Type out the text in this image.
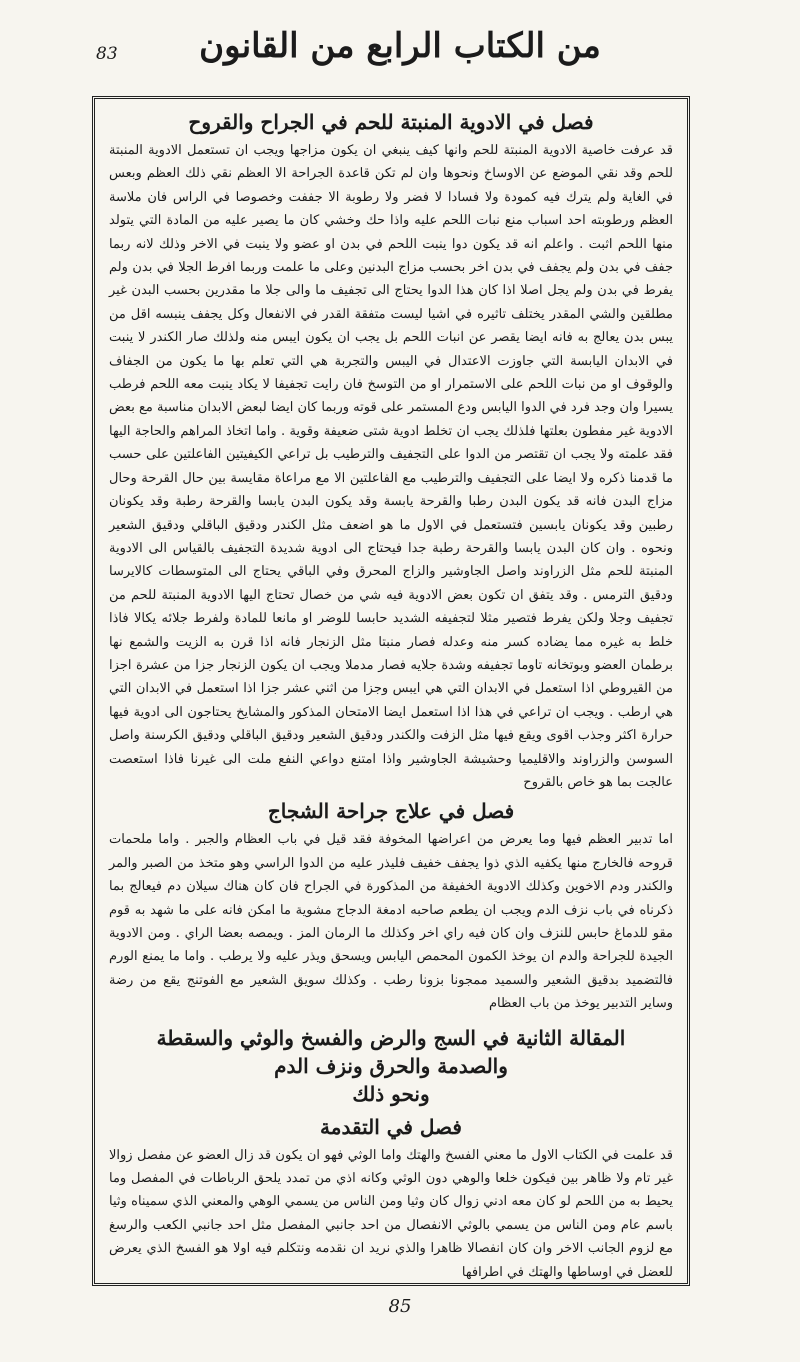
من الكتاب الرابع من القانون
83
فصل في الادوية المنبتة للحم في الجراح والقروح

قد عرفت خاصية الادوية المنبتة للحم وانها كيف ينبغي ان يكون مزاجها ويجب ان تستعمل الادوية المنبتة للحم وقد نقي الموضع عن الاوساخ ونحوها وان لم تكن قاعدة الجراحة الا العظم نقي ذلك العظم وبعس في الغاية ولم يترك فيه كمودة ولا فسادا لا فضر ولا رطوبة الا جففت وخصوصا في الراس فان ملاسة العظم ورطوبته احد اسباب منع نبات اللحم عليه واذا حك وخشي كان ما يصير عليه من المادة التي يتولد منها اللحم اثبت . واعلم انه قد يكون دوا ينبت اللحم في بدن او عضو ولا ينبت في الاخر وذلك لانه ربما جفف في بدن ولم يجفف في بدن اخر بحسب مزاج البدنين وعلى ما علمت وربما افرط الجلا في بدن ولم يفرط في بدن ولم يجل اصلا اذا كان هذا الدوا يحتاج الى تجفيف ما والى جلا ما مقدرين بحسب البدن غير مطلقين والشي المقدر يختلف تاثيره في اشيا ليست متفقة القدر في الانفعال وكل يجفف ينبسه اقل من يبس بدن يعالج به فانه ايضا يقصر عن انبات اللحم بل يجب ان يكون ايبس منه ولذلك صار الكندر لا ينبت في الابدان اليابسة التي جاوزت الاعتدال في اليبس والتجربة هي التي تعلم بها ما يكون من الجفاف والوقوف او من نبات اللحم على الاستمرار او من التوسخ فان رايت تجفيفا لا يكاد ينبت معه اللحم فرطب يسيرا وان وجد فرد في الدوا اليابس ودع المستمر على قوته وربما كان ايضا لبعض الابدان مناسبة مع بعض الادوية غير مفطون بعلتها فلذلك يجب ان تخلط ادوية شتى ضعيفة وقوية . واما اتخاذ المراهم والحاجة اليها فقد علمته ولا يجب ان تقتصر من الدوا على التجفيف والترطيب بل تراعي الكيفيتين الفاعلتين على حسب ما قدمنا ذكره ولا ايضا على التجفيف والترطيب مع الفاعلتين الا مع مراعاة مقايسة بين حال القرحة وحال مزاج البدن فانه قد يكون البدن رطبا والقرحة يابسة وقد يكون البدن يابسا والقرحة رطبة وقد يكونان رطبين وقد يكونان يابسين فتستعمل في الاول ما هو اضعف مثل الكندر ودقيق الباقلي ودقيق الشعير ونحوه . وان كان البدن يابسا والقرحة رطبة جدا فيحتاج الى ادوية شديدة التجفيف بالقياس الى الادوية المنبتة للحم مثل الزراوند واصل الجاوشير والزاج المحرق وفي الباقي يحتاج الى المتوسطات كالايرسا ودقيق الترمس . وقد يتفق ان تكون بعض الادوية فيه شي من خصال تحتاج اليها الادوية المنبتة للحم من تجفيف وجلا ولكن يفرط فتصير مثلا لتجفيفه الشديد حابسا للوضر او مانعا للمادة ولفرط جلائه يكالا فاذا خلط به غيره مما يضاده كسر منه وعدله فصار منبتا مثل الزنجار فانه اذا قرن به الزيت والشمع نها برطمان العضو وبوتخانه تاوما تجفيفه وشدة جلايه فصار مدملا ويجب ان يكون الزنجار جزا من عشرة اجزا من القيروطي اذا استعمل في الابدان التي هي ايبس وجزا من اثني عشر جزا اذا استعمل في الابدان التي هي ارطب . ويجب ان تراعي في هذا اذا استعمل ايضا الامتحان المذكور والمشايخ يحتاجون الى ادوية فيها حرارة اكثر وجذب اقوى ويقع فيها مثل الزفت والكندر ودقيق الشعير ودقيق الباقلي ودقيق الكرسنة واصل السوسن والزراوند والاقليميا وحشيشة الجاوشير واذا امتنع دواعي النفع ملت الى غيرنا فاذا استعصت عالجت بما هو خاص بالقروح

فصل في علاج جراحة الشجاج

اما تدبير العظم فيها وما يعرض من اعراضها المخوفة فقد قيل في باب العظام والجبر . واما ملحمات قروحه فالخارج منها يكفيه الذي ذوا يجفف خفيف فليذر عليه من الدوا الراسي وهو متخذ من الصبر والمر والكندر ودم الاخوين وكذلك الادوية الخفيفة من المذكورة في الجراح فان كان هناك سيلان دم فيعالج بما ذكرناه في باب نزف الدم ويجب ان يطعم صاحبه ادمغة الدجاج مشوية ما امكن فانه على ما شهد به قوم مقو للدماغ حابس للنزف وان كان فيه راي اخر وكذلك ما الرمان المز . ويمصه بعضا الراي . ومن الادوية الجيدة للجراحة والدم ان يوخذ الكمون المحمص اليابس ويسحق ويذر عليه ولا يرطب . واما ما يمنع الورم فالتضميد بدقيق الشعير والسميد ممجونا بزونا رطب . وكذلك سويق الشعير مع الفوتنج يقع من رضة وساير التدبير يوخذ من باب العظام

المقالة الثانية في السج والرض والفسخ والوثي والسقطة
والصدمة والحرق ونزف الدم
ونحو ذلك
فصل في التقدمة

قد علمت في الكتاب الاول ما معني الفسخ والهتك واما الوثي فهو ان يكون قد زال العضو عن مفصل زوالا غير تام ولا ظاهر بين فيكون خلعا والوهي دون الوثي وكانه اذي من تمدد يلحق الرباطات في المفصل وما يحيط به من اللحم لو كان معه ادني زوال كان وثيا ومن الناس من يسمي الوهي والمعني الذي سميناه وثيا باسم عام ومن الناس من يسمي بالوثي الانفصال من احد جانبي المفصل مثل احد جانبي الكعب والرسغ مع لزوم الجانب الاخر وان كان انفصالا ظاهرا والذي نريد ان نقدمه ونتكلم فيه اولا هو الفسخ الذي يعرض للعضل في اوساطها والهتك في اطرافها

85
